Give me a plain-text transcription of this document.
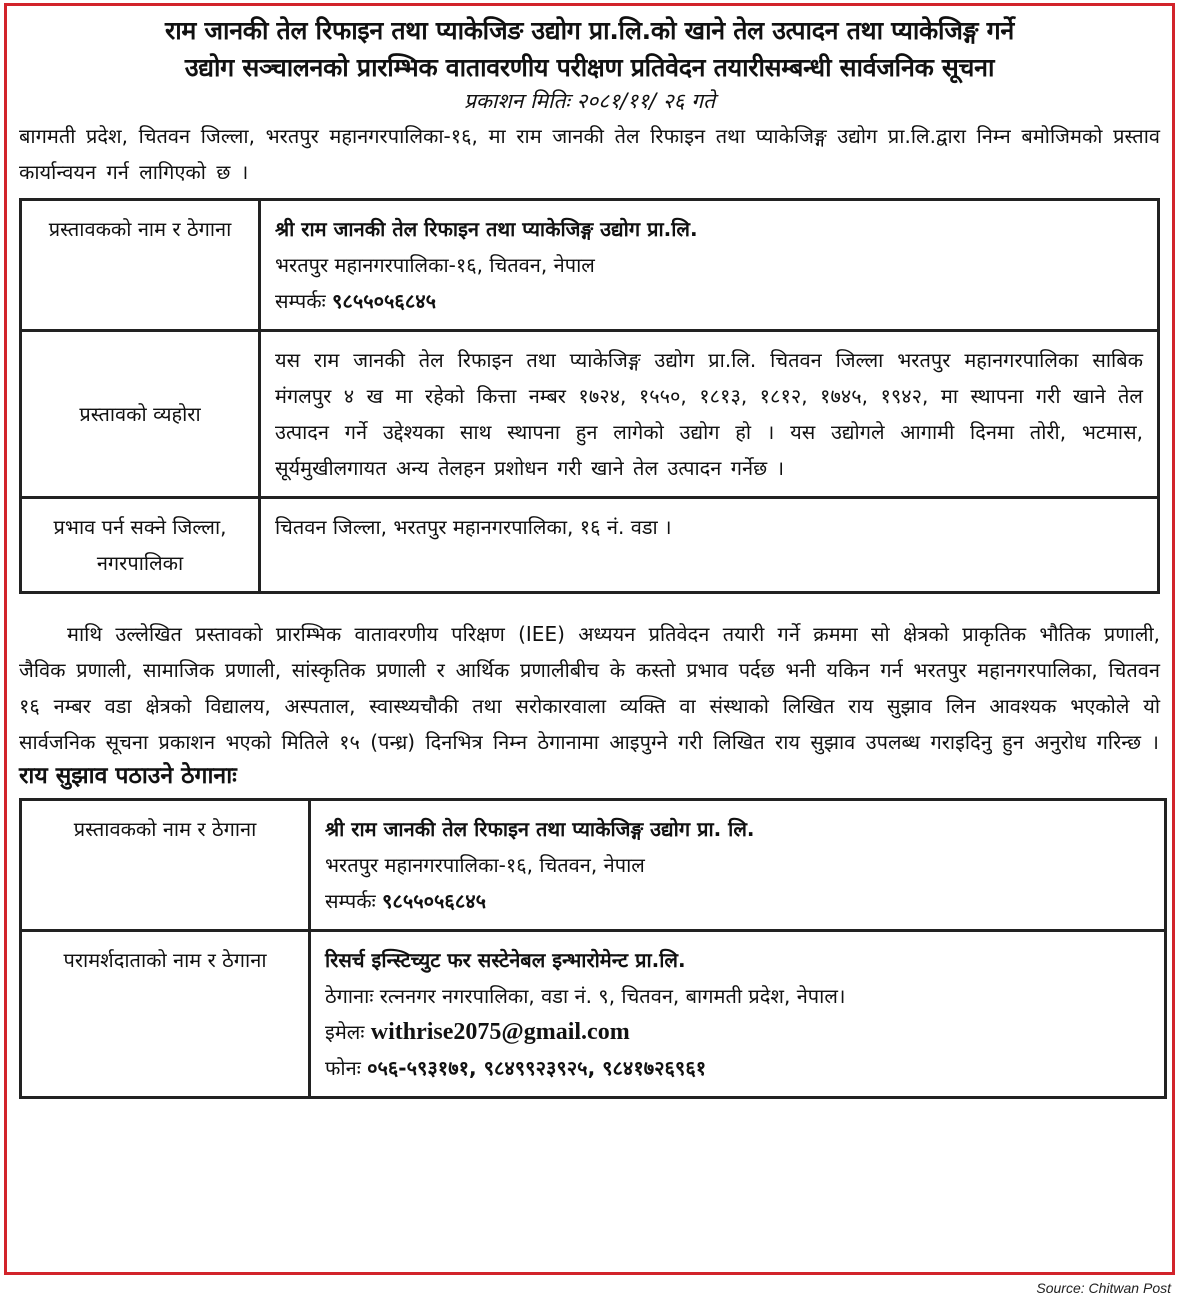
राम जानकी तेल रिफाइन तथा प्याकेजिङ उद्योग प्रा.लि.को खाने तेल उत्पादन तथा प्याकेजिङ्ग गर्ने
उद्योग सञ्चालनको प्रारम्भिक वातावरणीय परीक्षण प्रतिवेदन तयारीसम्बन्धी सार्वजनिक सूचना
प्रकाशन मितिः २०८१/११/ २६ गते
बागमती प्रदेश, चितवन जिल्ला, भरतपुर महानगरपालिका-१६, मा राम जानकी तेल रिफाइन तथा प्याकेजिङ्ग उद्योग प्रा.लि.द्वारा निम्न बमोजिमको प्रस्ताव कार्यान्वयन गर्न लागिएको छ ।
प्रस्तावकको नाम र ठेगाना	श्री राम जानकी तेल रिफाइन तथा प्याकेजिङ्ग उद्योग प्रा.लि.
भरतपुर महानगरपालिका-१६, चितवन, नेपाल
सम्पर्कः ९८५५०५६८४५

प्रस्तावको व्यहोरा	यस राम जानकी तेल रिफाइन तथा प्याकेजिङ्ग उद्योग प्रा.लि. चितवन जिल्ला भरतपुर महानगरपालिका साबिक मंगलपुर ४ ख मा रहेको कित्ता नम्बर १७२४, १५५०, १८१३, १८१२, १७४५, १९४२, मा स्थापना गरी खाने तेल उत्पादन गर्ने उद्देश्यका साथ स्थापना हुन लागेको उद्योग हो । यस उद्योगले आगामी दिनमा तोरी, भटमास, सूर्यमुखीलगायत अन्य तेलहन प्रशोधन गरी खाने तेल उत्पादन गर्नेछ ।
प्रभाव पर्न सक्ने जिल्ला, नगरपालिका	चितवन जिल्ला, भरतपुर महानगरपालिका, १६ नं. वडा ।
माथि उल्लेखित प्रस्तावको प्रारम्भिक वातावरणीय परिक्षण (IEE) अध्ययन प्रतिवेदन तयारी गर्ने क्रममा सो क्षेत्रको प्राकृतिक भौतिक प्रणाली, जैविक प्रणाली, सामाजिक प्रणाली, सांस्कृतिक प्रणाली र आर्थिक प्रणालीबीच के कस्तो प्रभाव पर्दछ भनी यकिन गर्न भरतपुर महानगरपालिका, चितवन १६ नम्बर वडा क्षेत्रको विद्यालय, अस्पताल, स्वास्थ्यचौकी तथा सरोकारवाला व्यक्ति वा संस्थाको लिखित राय सुझाव लिन आवश्यक भएकोले यो सार्वजनिक सूचना प्रकाशन भएको मितिले १५ (पन्ध्र) दिनभित्र निम्न ठेगानामा आइपुग्ने गरी लिखित राय सुझाव उपलब्ध गराइदिनु हुन अनुरोध गरिन्छ ।
राय सुझाव पठाउने ठेगानाः
प्रस्तावकको नाम र ठेगाना	श्री राम जानकी तेल रिफाइन तथा प्याकेजिङ्ग उद्योग प्रा. लि.
भरतपुर महानगरपालिका-१६, चितवन, नेपाल
सम्पर्कः ९८५५०५६८४५

परामर्शदाताको नाम र ठेगाना	रिसर्च इन्स्टिच्युट फर सस्टेनेबल इन्भारोमेन्ट प्रा.लि.
ठेगानाः रत्ननगर नगरपालिका, वडा नं. ९, चितवन, बागमती प्रदेश, नेपाल।
इमेलः withrise2075@gmail.com
फोनः ०५६-५९३१७१, ९८४९९२३९२५, ९८४१७२६९६१
Source: Chitwan Post
